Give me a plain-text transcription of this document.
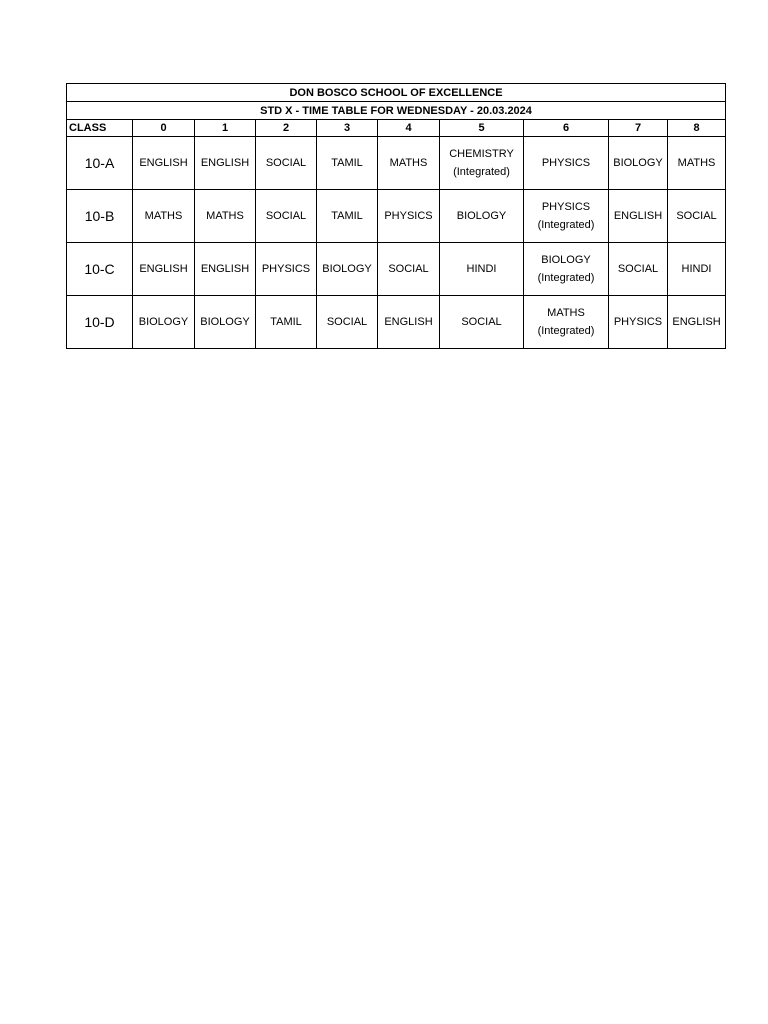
DON BOSCO SCHOOL OF EXCELLENCE									
STD X - TIME TABLE FOR WEDNESDAY - 20.03.2024									
CLASS	0	1	2	3	4	5	6	7	8
10-A	ENGLISH	ENGLISH	SOCIAL	TAMIL	MATHS	CHEMISTRY
(Integrated)	PHYSICS	BIOLOGY	MATHS

10-B	MATHS	MATHS	SOCIAL	TAMIL	PHYSICS	BIOLOGY	PHYSICS
(Integrated)	ENGLISH	SOCIAL

10-C	ENGLISH	ENGLISH	PHYSICS	BIOLOGY	SOCIAL	HINDI	BIOLOGY
(Integrated)	SOCIAL	HINDI

10-D	BIOLOGY	BIOLOGY	TAMIL	SOCIAL	ENGLISH	SOCIAL	MATHS
(Integrated)	PHYSICS	ENGLISH
